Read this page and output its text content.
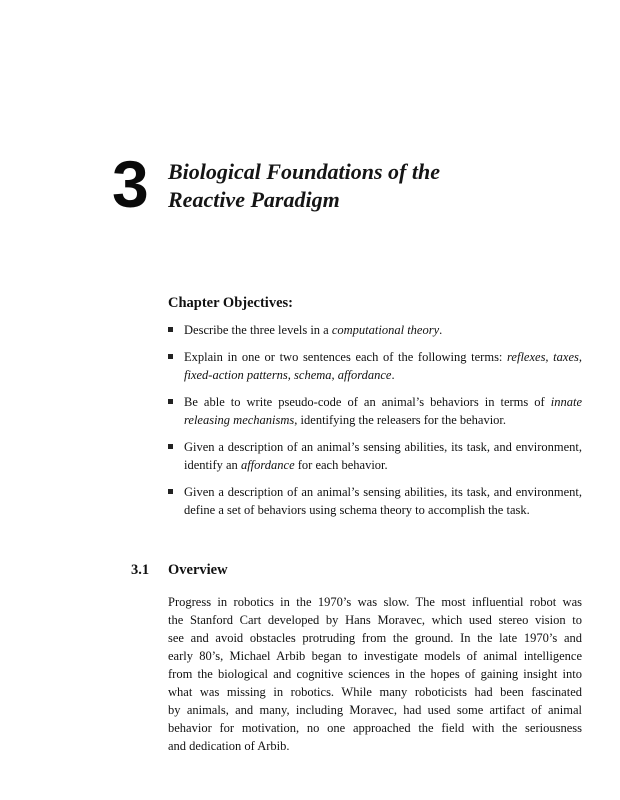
3 Biological Foundations of the
Reactive Paradigm
Chapter Objectives:
Describe the three levels in a computational theory.
Explain in one or two sentences each of the following terms: reflexes, taxes, fixed-action patterns, schema, affordance.
Be able to write pseudo-code of an animal’s behaviors in terms of innate releasing mechanisms, identifying the releasers for the behavior.
Given a description of an animal’s sensing abilities, its task, and environment, identify an affordance for each behavior.
Given a description of an animal’s sensing abilities, its task, and environment, define a set of behaviors using schema theory to accomplish the task.
3.1 Overview
Progress in robotics in the 1970’s was slow. The most influential robot was
the Stanford Cart developed by Hans Moravec, which used stereo vision to
see and avoid obstacles protruding from the ground. In the late 1970’s and
early 80’s, Michael Arbib began to investigate models of animal intelligence
from the biological and cognitive sciences in the hopes of gaining insight into
what was missing in robotics. While many roboticists had been fascinated
by animals, and many, including Moravec, had used some artifact of animal
behavior for motivation, no one approached the field with the seriousness
and dedication of Arbib.
